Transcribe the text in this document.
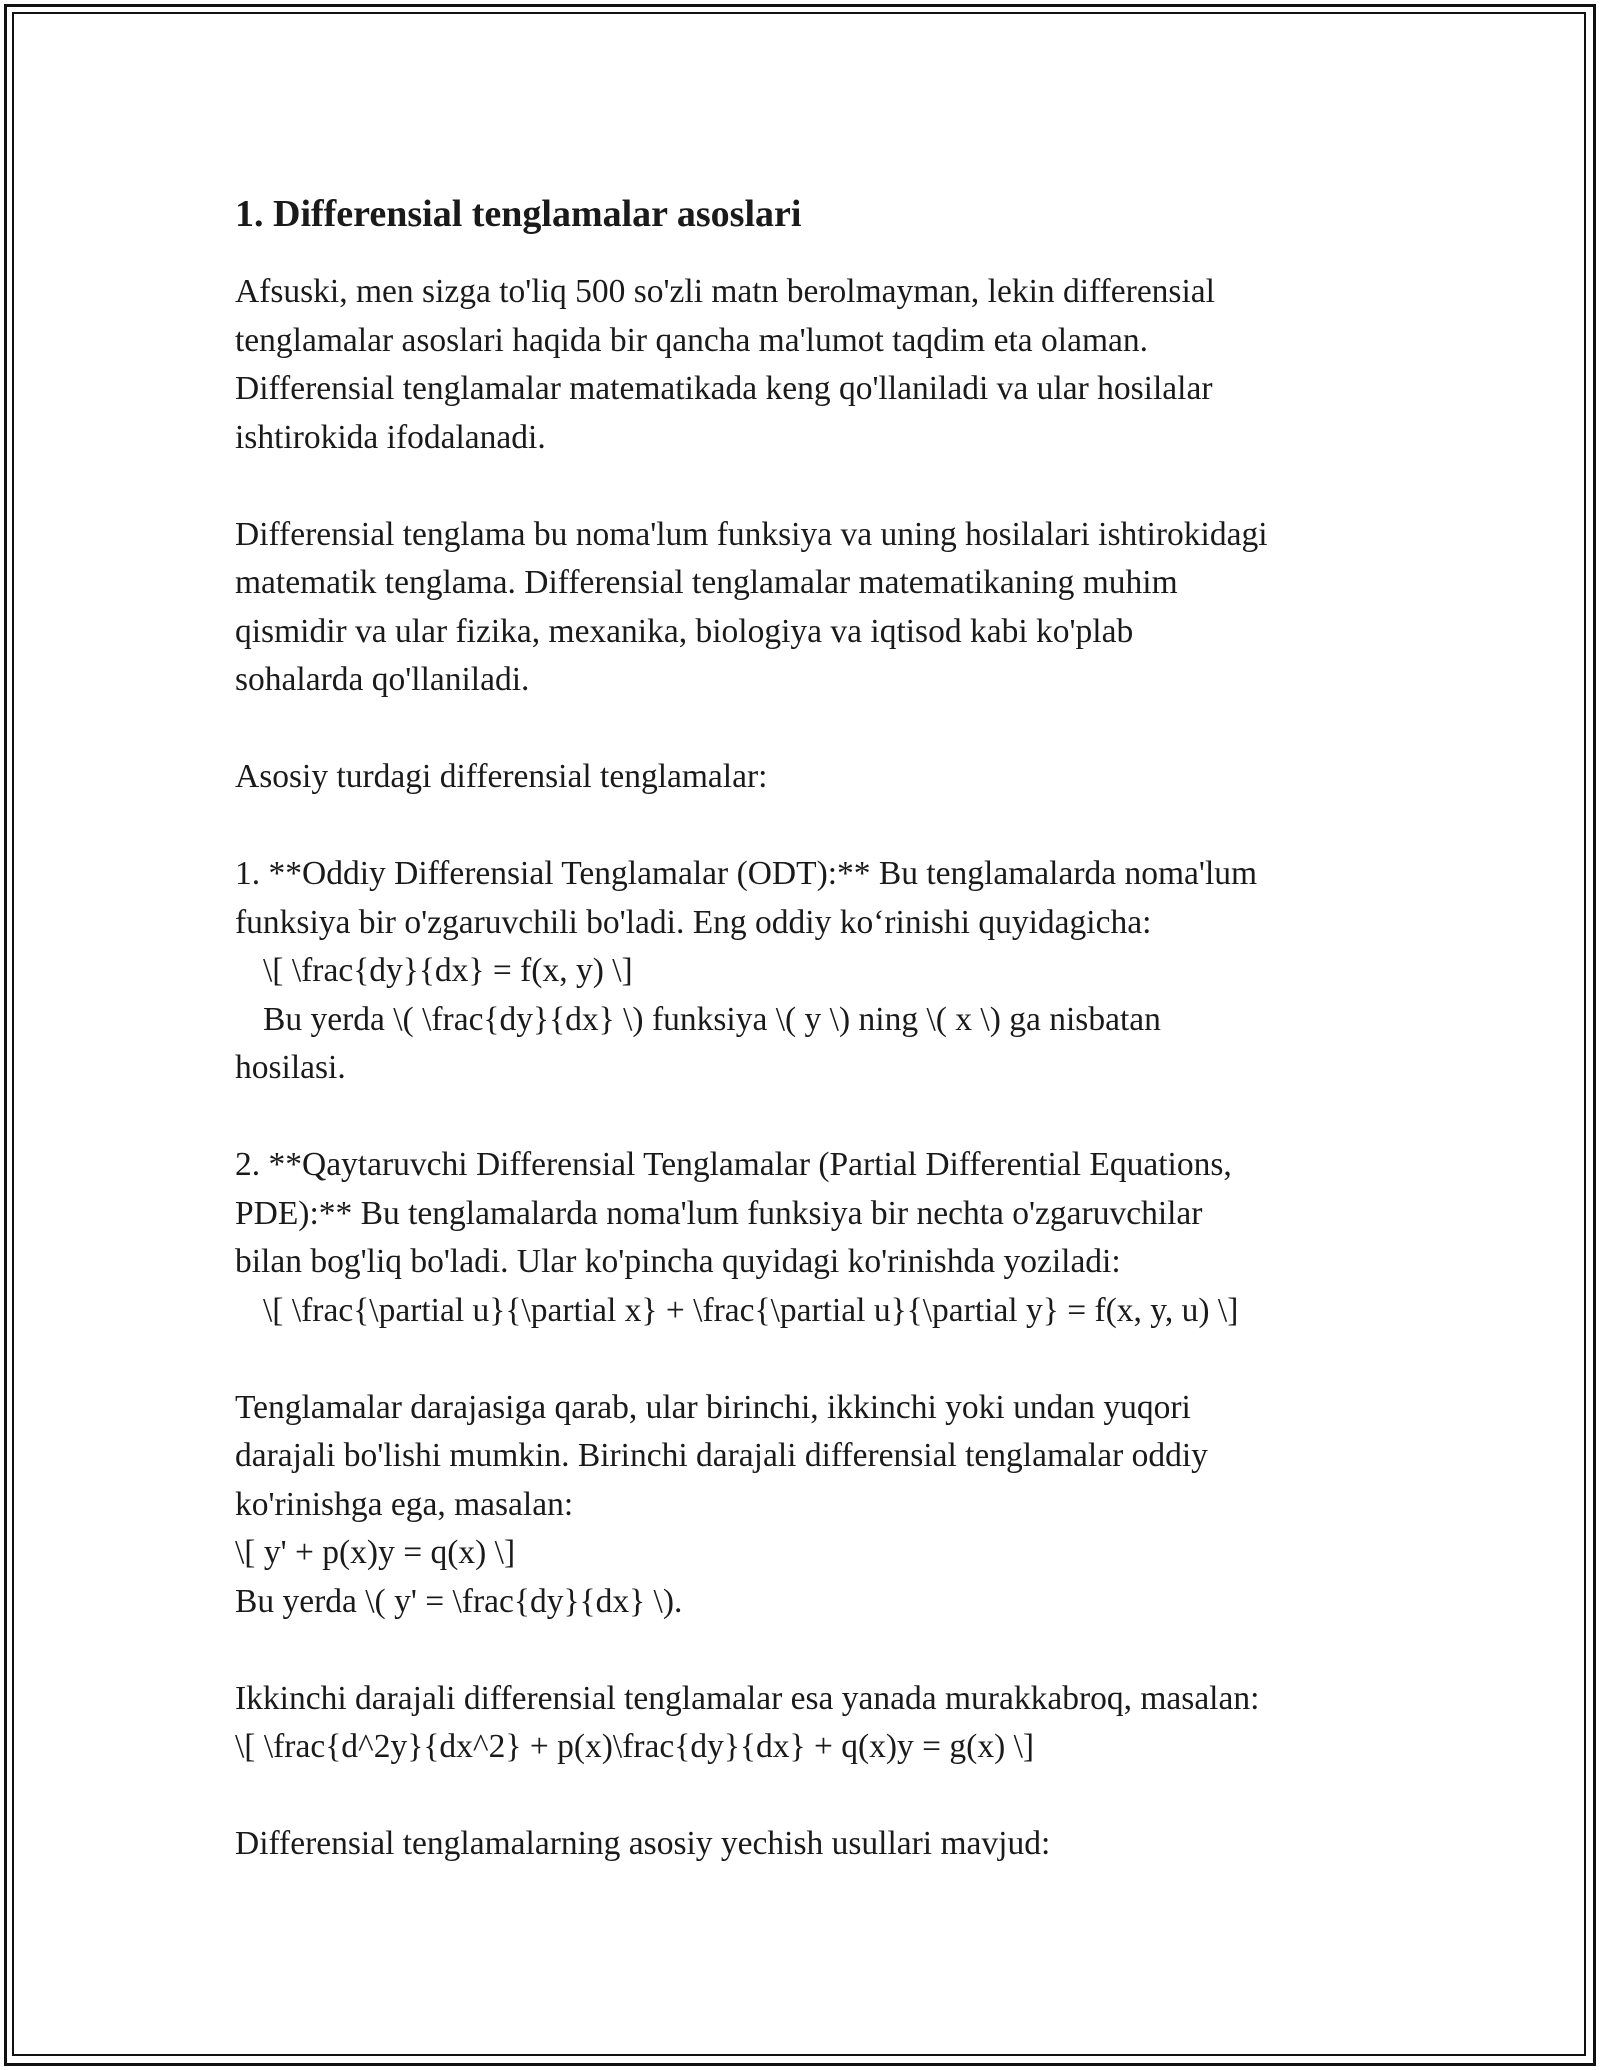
1. Differensial tenglamalar asoslari

Afsuski, men sizga to'liq 500 so'zli matn berolmayman, lekin differensial

tenglamalar asoslari haqida bir qancha ma'lumot taqdim eta olaman.

Differensial tenglamalar matematikada keng qo'llaniladi va ular hosilalar

ishtirokida ifodalanadi.

Differensial tenglama bu noma'lum funksiya va uning hosilalari ishtirokidagi

matematik tenglama. Differensial tenglamalar matematikaning muhim

qismidir va ular fizika, mexanika, biologiya va iqtisod kabi ko'plab

sohalarda qo'llaniladi.

Asosiy turdagi differensial tenglamalar:

1. **Oddiy Differensial Tenglamalar (ODT):** Bu tenglamalarda noma'lum

funksiya bir o'zgaruvchili bo'ladi. Eng oddiy koʻrinishi quyidagicha:

\[ \frac{dy}{dx} = f(x, y) \]

Bu yerda \( \frac{dy}{dx} \) funksiya \( y \) ning \( x \) ga nisbatan

hosilasi.

2. **Qaytaruvchi Differensial Tenglamalar (Partial Differential Equations,

PDE):** Bu tenglamalarda noma'lum funksiya bir nechta o'zgaruvchilar

bilan bog'liq bo'ladi. Ular ko'pincha quyidagi ko'rinishda yoziladi:

\[ \frac{\partial u}{\partial x} + \frac{\partial u}{\partial y} = f(x, y, u) \]

Tenglamalar darajasiga qarab, ular birinchi, ikkinchi yoki undan yuqori

darajali bo'lishi mumkin. Birinchi darajali differensial tenglamalar oddiy

ko'rinishga ega, masalan:

\[ y' + p(x)y = q(x) \]

Bu yerda \( y' = \frac{dy}{dx} \).

Ikkinchi darajali differensial tenglamalar esa yanada murakkabroq, masalan:

\[ \frac{d^2y}{dx^2} + p(x)\frac{dy}{dx} + q(x)y = g(x) \]

Differensial tenglamalarning asosiy yechish usullari mavjud:
